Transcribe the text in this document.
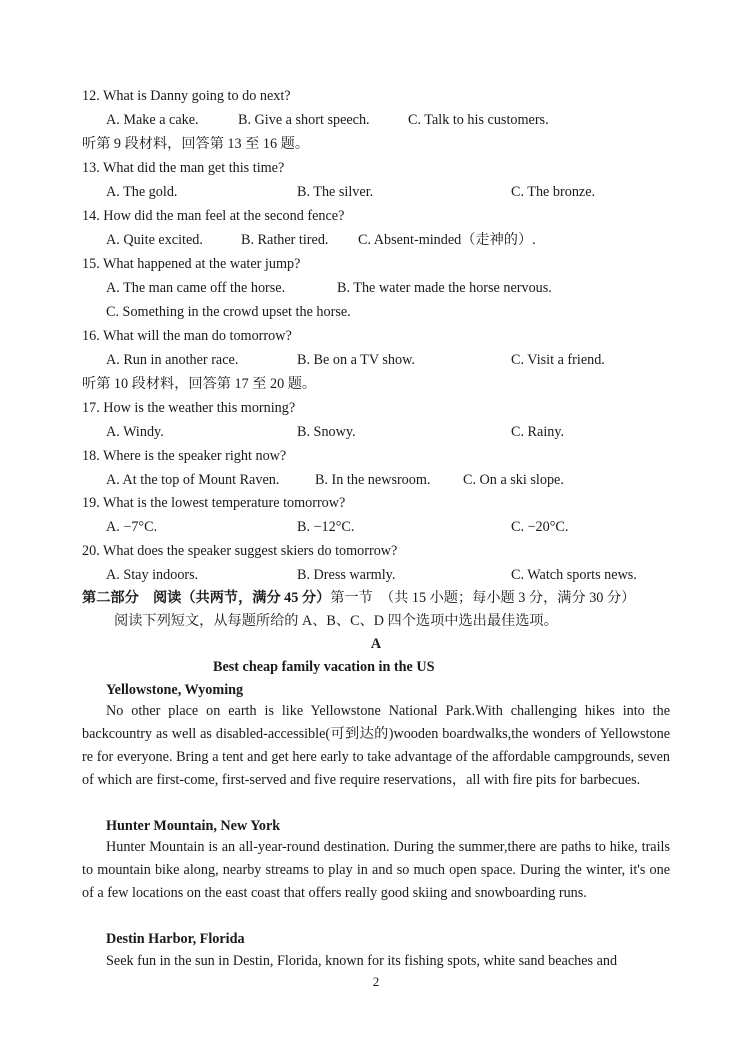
12. What is Danny going to do next?
A. Make a cake.	B. Give a short speech.	C. Talk to his customers.
听第 9 段材料，回答第 13 至 16 题。
13. What did the man get this time?
A. The gold.	B. The silver.	C. The bronze.
14. How did the man feel at the second fence?
A. Quite excited.	B. Rather tired. C. Absent-minded（走神的）.
15. What happened at the water jump?
A. The man came off the horse.	B. The water made the horse nervous.
C. Something in the crowd upset the horse.
16. What will the man do tomorrow?
A. Run in another race.	B. Be on a TV show.	C. Visit a friend.
听第 10 段材料，回答第 17 至 20 题。
17. How is the weather this morning?
A. Windy.	B. Snowy.	C. Rainy.
18. Where is the speaker right now?
A. At the top of Mount Raven.	B. In the newsroom. C. On a ski slope.
19. What is the lowest temperature tomorrow?
A. −7°C.	B. −12°C.	C. −20°C.
20. What does the speaker suggest skiers do tomorrow?
A. Stay indoors.	B. Dress warmly.	C. Watch sports news.
第二部分　阅读（共两节，满分 45 分）第一节　（共 15 小题；每小题 3 分，满分 30 分）
阅读下列短文，从每题所给的 A、B、C、D 四个选项中选出最佳选项。
A
Best cheap family vacation in the US
Yellowstone, Wyoming

No other place on earth is like Yellowstone National Park.With challenging hikes into the backcountry as well as disabled-accessible(可到达的)wooden boardwalks,the wonders of Yellowstone re for everyone. Bring a tent and get here early to take advantage of the affordable campgrounds, seven of which are first-come, first-served and five require reservations，all with fire pits for barbecues.

Hunter Mountain, New York

Hunter Mountain is an all-year-round destination. During the summer,there are paths to hike, trails to mountain bike along, nearby streams to play in and so much open space. During the winter, it's one of a few locations on the east coast that offers really good skiing and snowboarding runs.

Destin Harbor, Florida

Seek fun in the sun in Destin, Florida, known for its fishing spots, white sand beaches and

2
